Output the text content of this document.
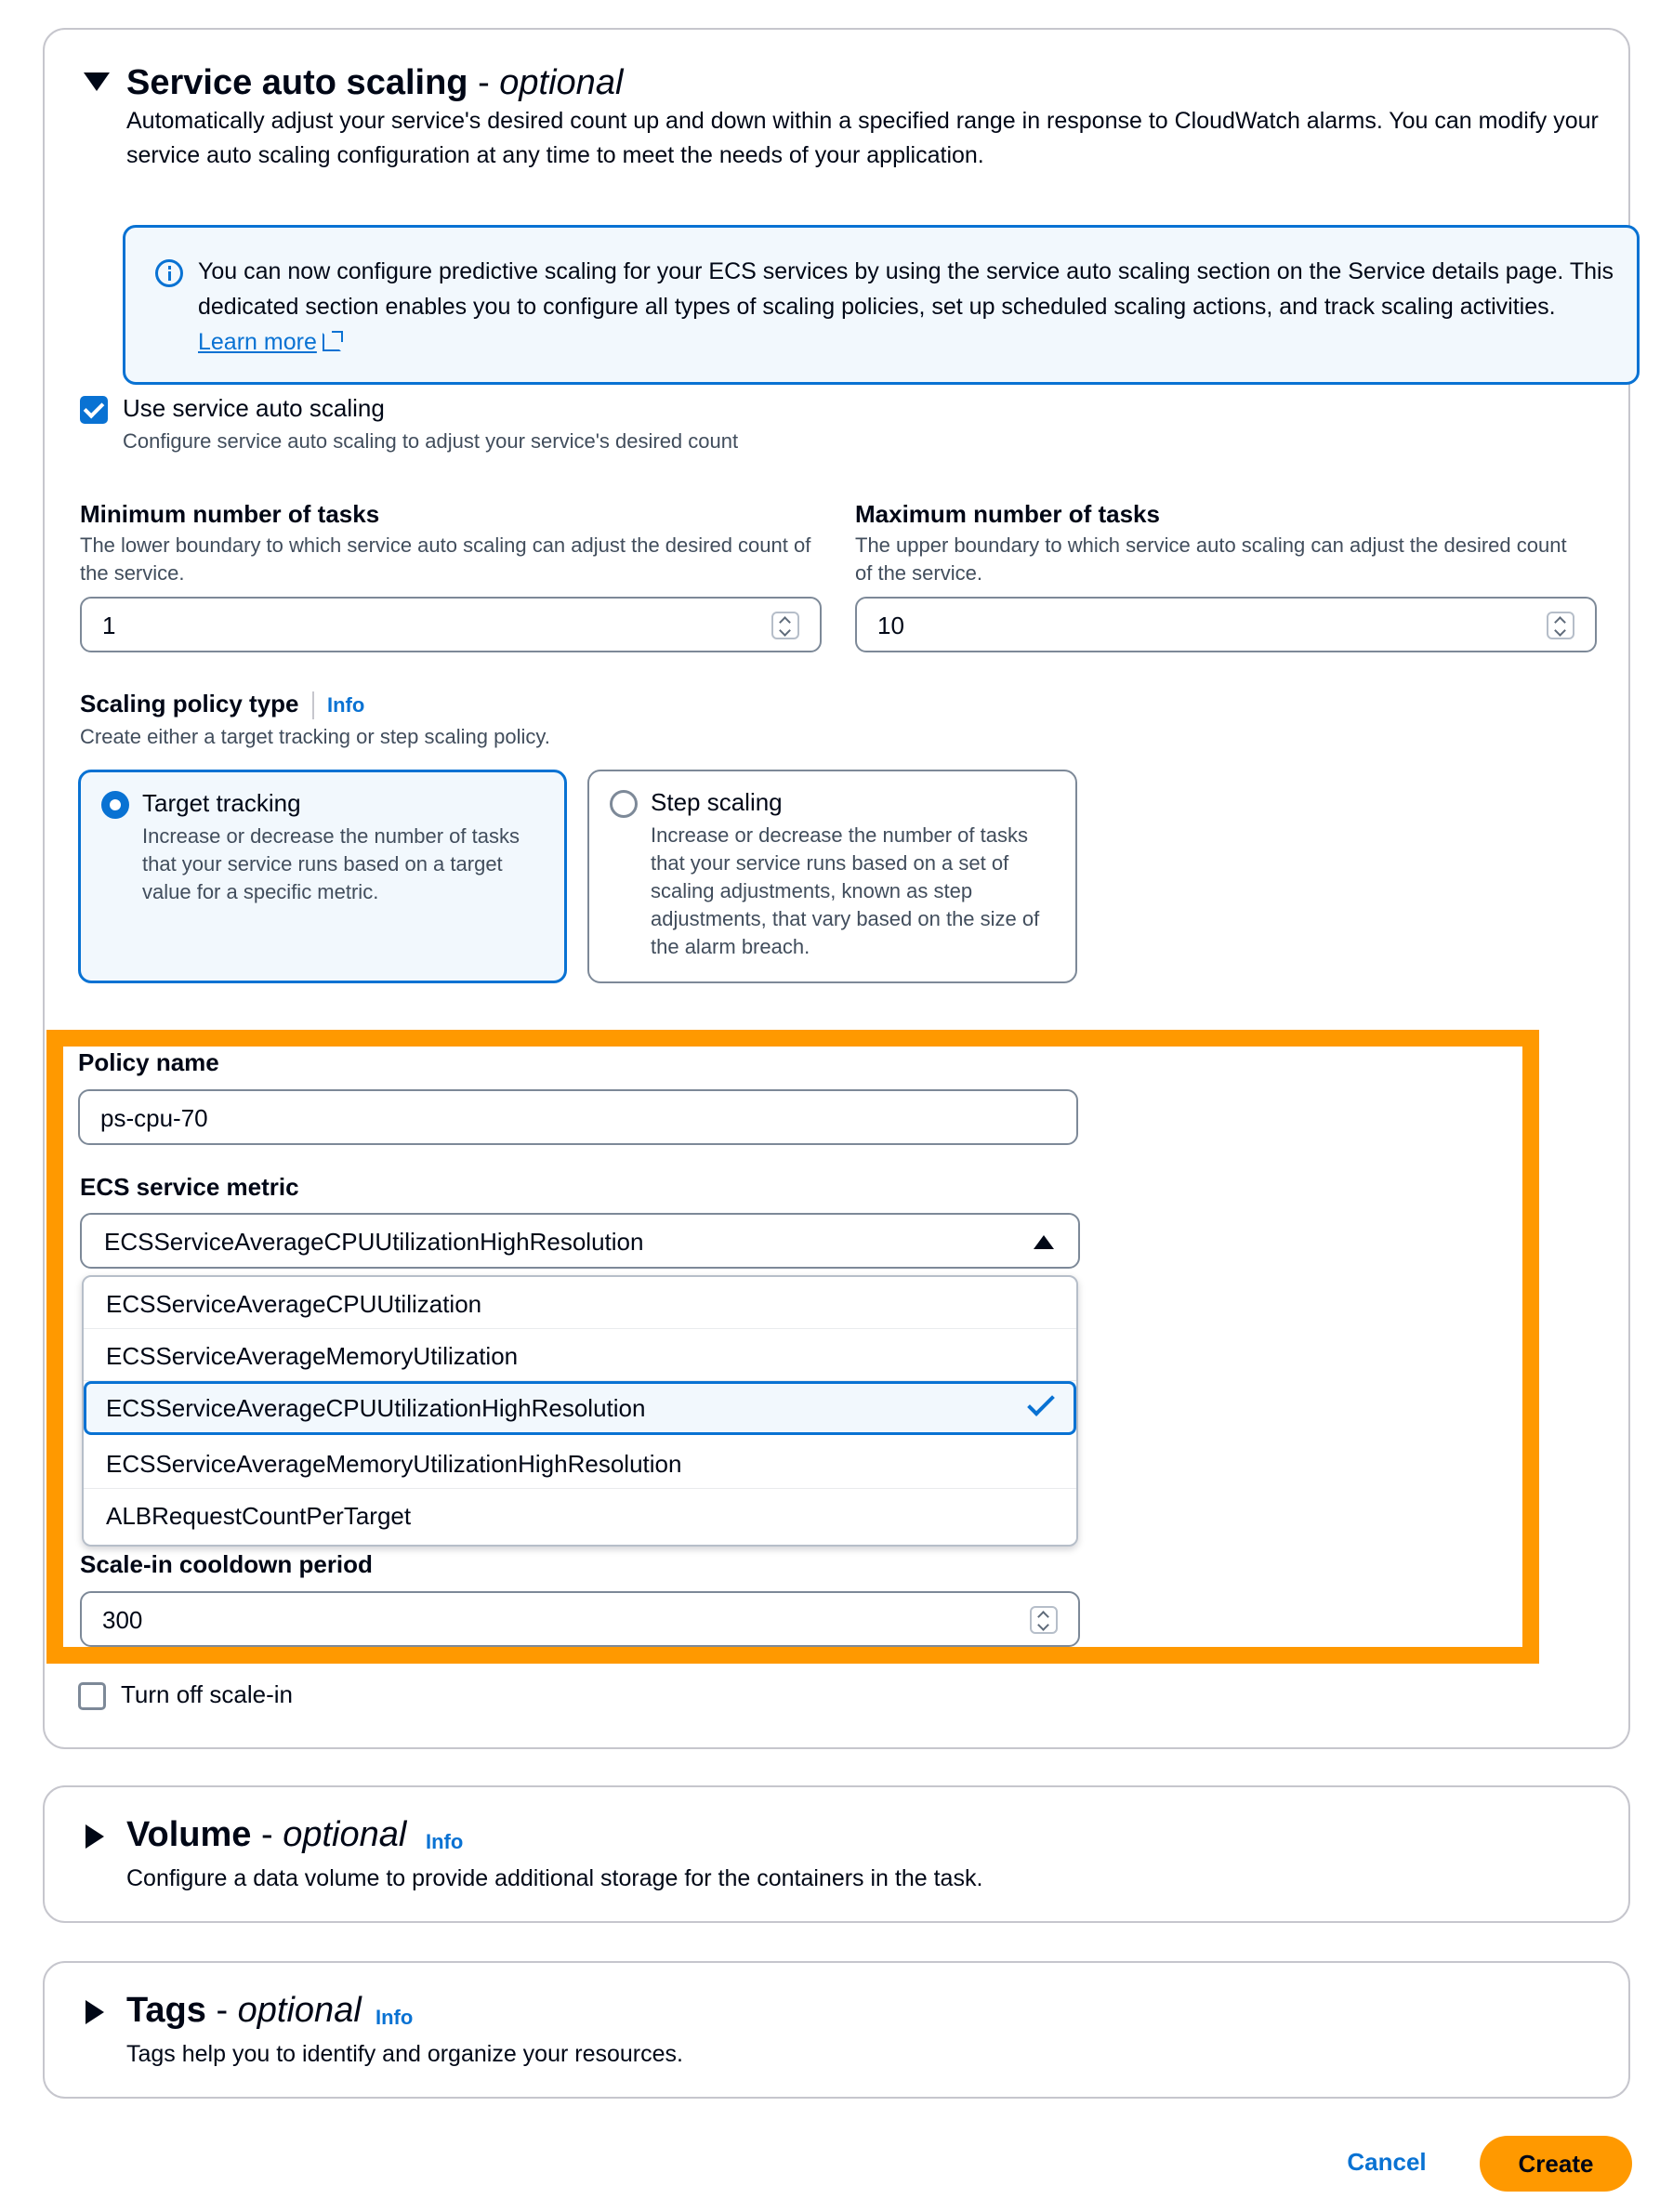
Service auto scaling - optional
Automatically adjust your service's desired count up and down within a specified range in response to CloudWatch alarms. You can modify your service auto scaling configuration at any time to meet the needs of your application.
You can now configure predictive scaling for your ECS services by using the service auto scaling section on the Service details page. This dedicated section enables you to configure all types of scaling policies, set up scheduled scaling actions, and track scaling activities. Learn more
Use service auto scaling
Configure service auto scaling to adjust your service's desired count
Minimum number of tasks
The lower boundary to which service auto scaling can adjust the desired count of the service.
1
Maximum number of tasks
The upper boundary to which service auto scaling can adjust the desired count of the service.
10
Scaling policy type Info
Create either a target tracking or step scaling policy.
Target tracking
Increase or decrease the number of tasks that your service runs based on a target value for a specific metric.
Step scaling
Increase or decrease the number of tasks that your service runs based on a set of scaling adjustments, known as step adjustments, that vary based on the size of the alarm breach.
Policy name
ps-cpu-70
ECS service metric
ECSServiceAverageCPUUtilizationHighResolution
ECSServiceAverageCPUUtilization
ECSServiceAverageMemoryUtilization
ECSServiceAverageCPUUtilizationHighResolution
ECSServiceAverageMemoryUtilizationHighResolution
ALBRequestCountPerTarget
Scale-in cooldown period
300
Turn off scale-in
Volume - optional Info
Configure a data volume to provide additional storage for the containers in the task.
Tags - optional Info
Tags help you to identify and organize your resources.
Cancel	Create
